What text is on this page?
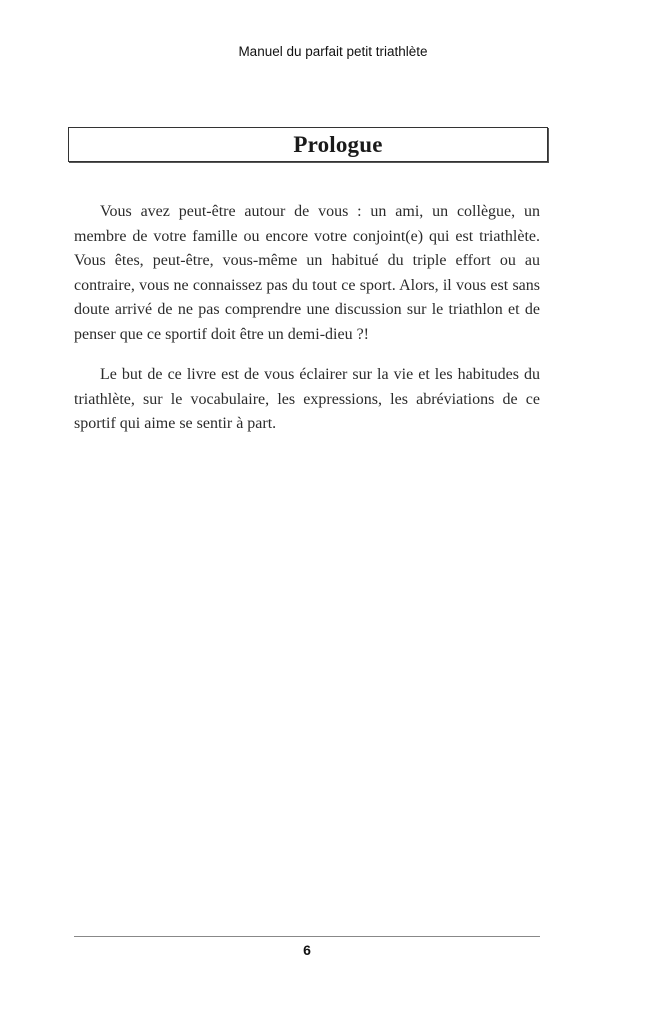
Manuel du parfait petit triathlète
Prologue

Vous avez peut-être autour de vous : un ami, un collègue, un membre de votre famille ou encore votre conjoint(e) qui est triathlète. Vous êtes, peut-être, vous-même un habitué du triple effort ou au contraire, vous ne connaissez pas du tout ce sport. Alors, il vous est sans doute arrivé de ne pas comprendre une discussion sur le triathlon et de penser que ce sportif doit être un demi-dieu ?!

Le but de ce livre est de vous éclairer sur la vie et les habitudes du triathlète, sur le vocabulaire, les expressions, les abréviations de ce sportif qui aime se sentir à part.

6
